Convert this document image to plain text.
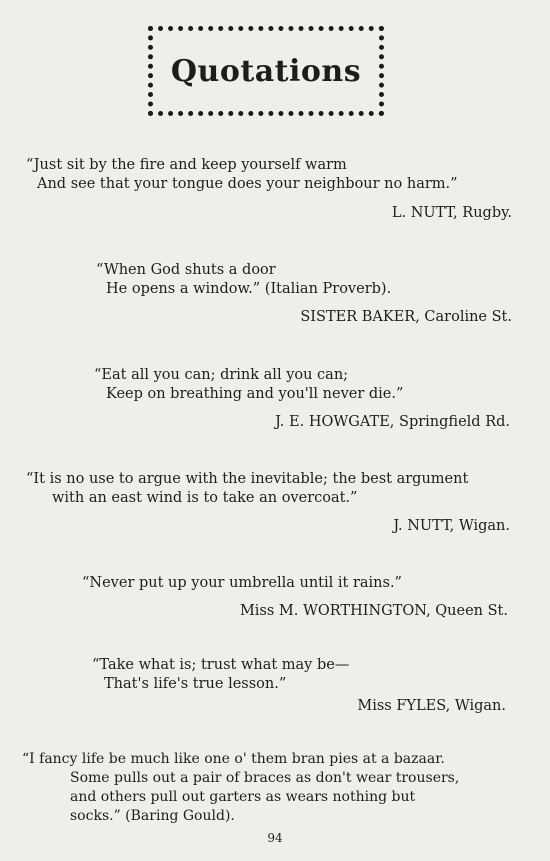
Quotations
“Just sit by the fire and keep yourself warm
And see that your tongue does your neighbour no harm.”
L. NUTT, Rugby.
“When God shuts a door
He opens a window.” (Italian Proverb).
SISTER BAKER, Caroline St.
“Eat all you can; drink all you can;
Keep on breathing and you'll never die.”
J. E. HOWGATE, Springfield Rd.
“It is no use to argue with the inevitable; the best argument
with an east wind is to take an overcoat.”
J. NUTT, Wigan.
“Never put up your umbrella until it rains.”
Miss M. WORTHINGTON, Queen St.
“Take what is; trust what may be—
That's life's true lesson.”
Miss FYLES, Wigan.
“I fancy life be much like one o' them bran pies at a bazaar.
Some pulls out a pair of braces as don't wear trousers,
and others pull out garters as wears nothing but
socks.” (Baring Gould).
94
